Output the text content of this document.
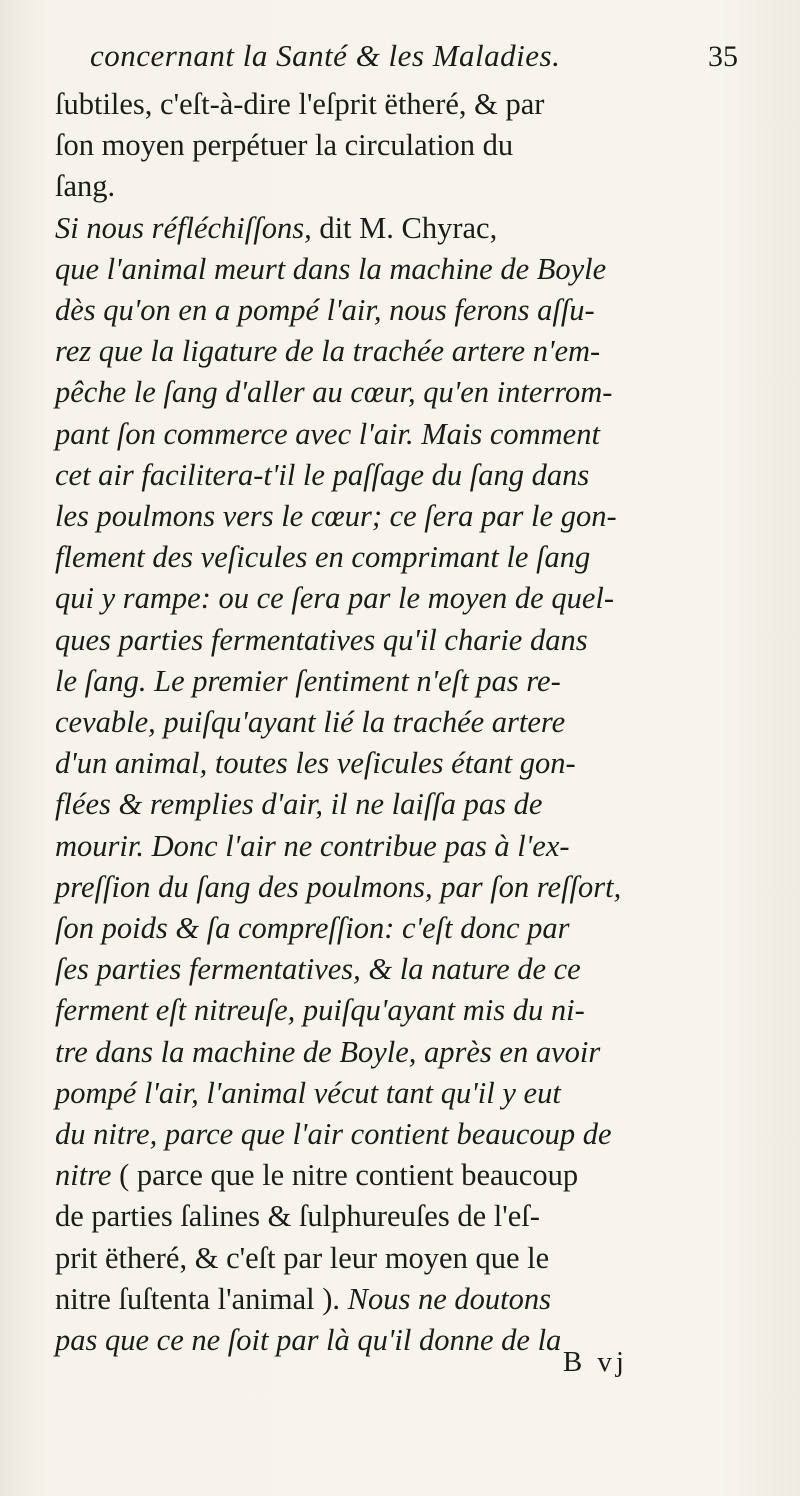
concernant la Santé & les Maladies.	35
ſubtiles, c'eſt-à-dire l'eſprit ëtheré, & par
ſon moyen perpétuer la circulation du
ſang.
Si nous réfléchiſſons, dit M. Chyrac,
que l'animal meurt dans la machine de Boyle
dès qu'on en a pompé l'air, nous ferons aſſu-
rez que la ligature de la trachée artere n'em-
pêche le ſang d'aller au cœur, qu'en interrom-
pant ſon commerce avec l'air. Mais comment
cet air facilitera-t'il le paſſage du ſang dans
les poulmons vers le cœur; ce ſera par le gon-
flement des veſicules en comprimant le ſang
qui y rampe: ou ce ſera par le moyen de quel-
ques parties fermentatives qu'il charie dans
le ſang. Le premier ſentiment n'eſt pas re-
cevable, puiſqu'ayant lié la trachée artere
d'un animal, toutes les veſicules étant gon-
flées & remplies d'air, il ne laiſſa pas de
mourir. Donc l'air ne contribue pas à l'ex-
preſſion du ſang des poulmons, par ſon reſſort,
ſon poids & ſa compreſſion: c'eſt donc par
ſes parties fermentatives, & la nature de ce
ferment eſt nitreuſe, puiſqu'ayant mis du ni-
tre dans la machine de Boyle, après en avoir
pompé l'air, l'animal vécut tant qu'il y eut
du nitre, parce que l'air contient beaucoup de
nitre ( parce que le nitre contient beaucoup
de parties ſalines & ſulphureuſes de l'eſ-
prit ëtheré, & c'eſt par leur moyen que le
nitre ſuſtenta l'animal ). Nous ne doutons
pas que ce ne ſoit par là qu'il donne de la
B vj
